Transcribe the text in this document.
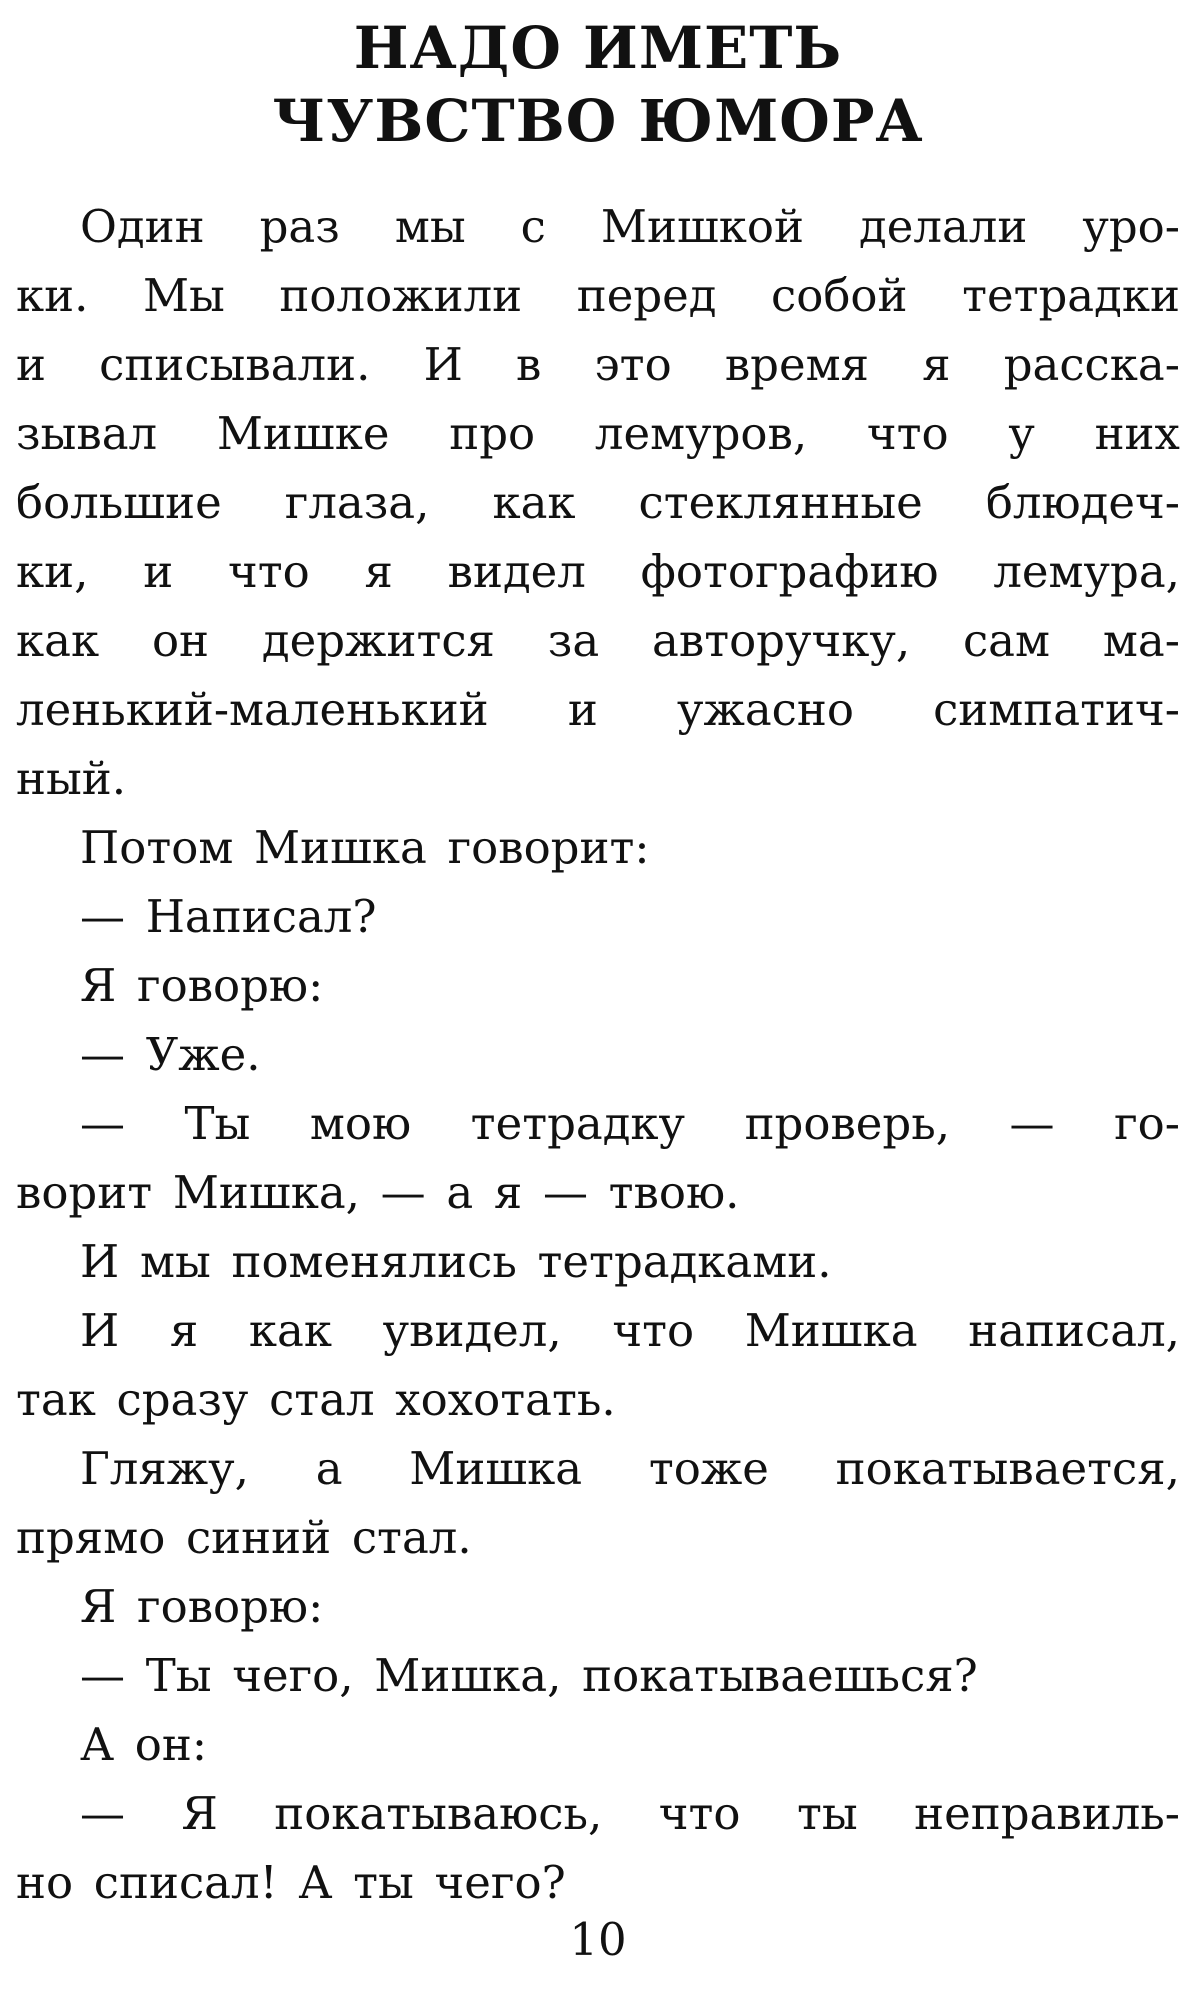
НАДО ИМЕТЬ
ЧУВСТВО ЮМОРА
Один раз мы с Мишкой делали уро-
ки. Мы положили перед собой тетрадки
и списывали. И в это время я расска-
зывал Мишке про лемуров, что у них
большие глаза, как стеклянные блюдеч-
ки, и что я видел фотографию лемура,
как он держится за авторучку, сам ма-
ленький-маленький и ужасно симпатич-
ный.
Потом Мишка говорит:
— Написал?
Я говорю:
— Уже.
— Ты мою тетрадку проверь, — го-
ворит Мишка, — а я — твою.
И мы поменялись тетрадками.
И я как увидел, что Мишка написал,
так сразу стал хохотать.
Гляжу, а Мишка тоже покатывается,
прямо синий стал.
Я говорю:
— Ты чего, Мишка, покатываешься?
А он:
— Я покатываюсь, что ты неправиль-
но списал! А ты чего?
10
